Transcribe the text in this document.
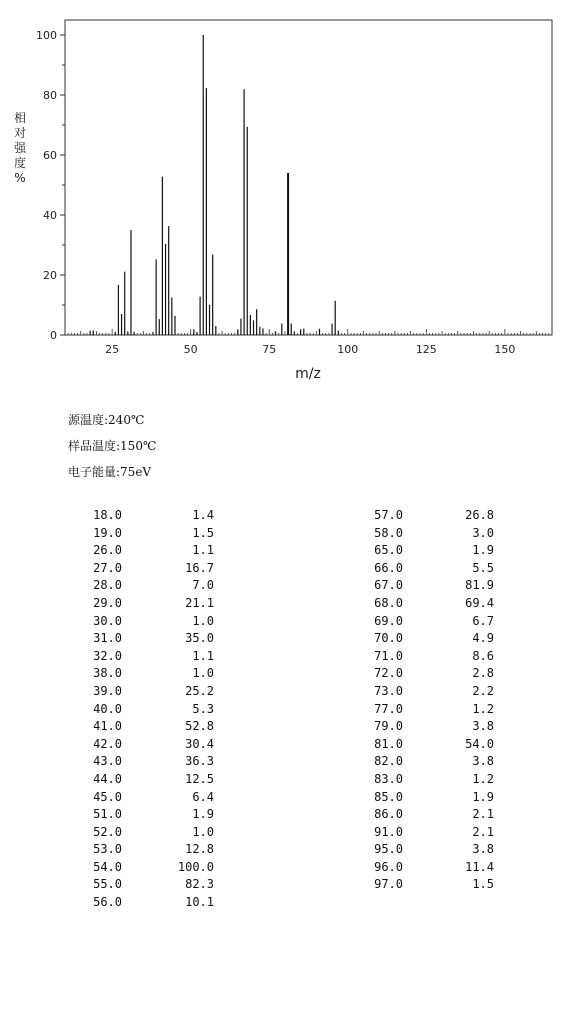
0
20
40
60
80
100
25	50	75	100	125	150
相
对
强
度
%
m/z
源温度:240℃
样品温度:150℃
电子能量:75eV
18.0	1.4
19.0	1.5
26.0	1.1
27.0	16.7
28.0	7.0
29.0	21.1
30.0	1.0
31.0	35.0
32.0	1.1
38.0	1.0
39.0	25.2
40.0	5.3
41.0	52.8
42.0	30.4
43.0	36.3
44.0	12.5
45.0	6.4
51.0	1.9
52.0	1.0
53.0	12.8
54.0	100.0
55.0	82.3
56.0	10.1
57.0	26.8
58.0	3.0
65.0	1.9
66.0	5.5
67.0	81.9
68.0	69.4
69.0	6.7
70.0	4.9
71.0	8.6
72.0	2.8
73.0	2.2
77.0	1.2
79.0	3.8
81.0	54.0
82.0	3.8
83.0	1.2
85.0	1.9
86.0	2.1
91.0	2.1
95.0	3.8
96.0	11.4
97.0	1.5
